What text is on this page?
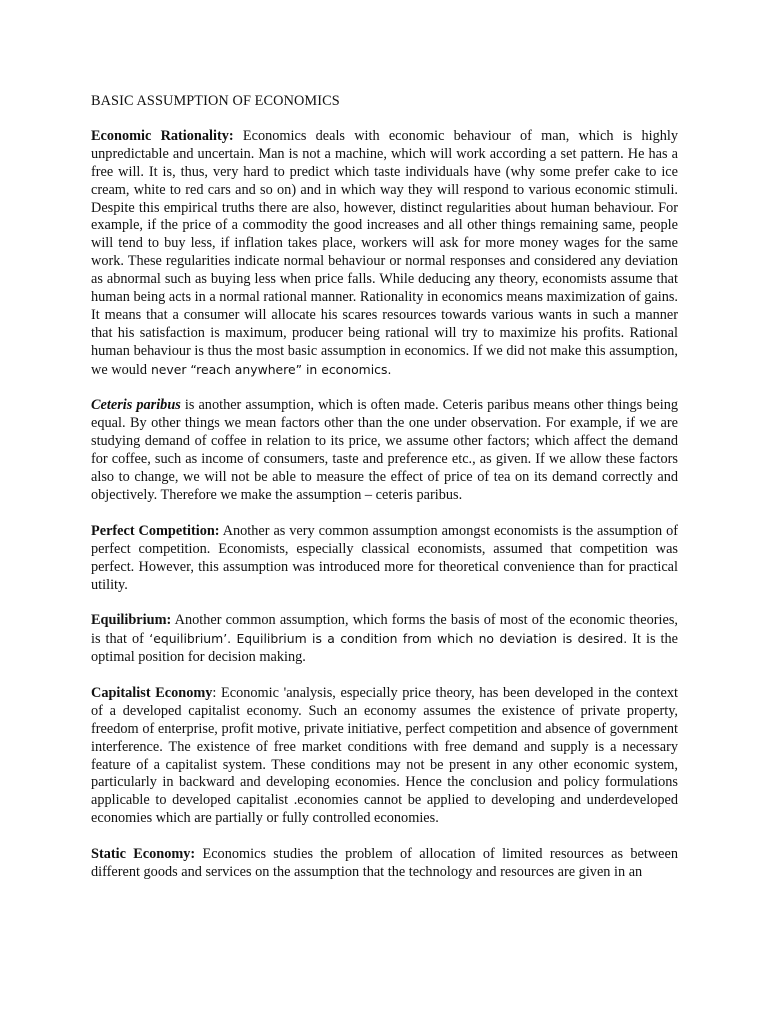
BASIC ASSUMPTION OF ECONOMICS

Economic Rationality: Economics deals with economic behaviour of man, which is highly unpredictable and uncertain. Man is not a machine, which will work according a set pattern. He has a free will. It is, thus, very hard to predict which taste individuals have (why some prefer cake to ice cream, white to red cars and so on) and in which way they will respond to various economic stimuli. Despite this empirical truths there are also, however, distinct regularities about human behaviour. For example, if the price of a commodity the good increases and all other things remaining same, people will tend to buy less, if inflation takes place, workers will ask for more money wages for the same work. These regularities indicate normal behaviour or normal responses and considered any deviation as abnormal such as buying less when price falls. While deducing any theory, economists assume that human being acts in a normal rational manner. Rationality in economics means maximization of gains. It means that a consumer will allocate his scares resources towards various wants in such a manner that his satisfaction is maximum, producer being rational will try to maximize his profits. Rational human behaviour is thus the most basic assumption in economics. If we did not make this assumption, we would never “reach anywhere” in economics.

Ceteris paribus is another assumption, which is often made. Ceteris paribus means other things being equal. By other things we mean factors other than the one under observation. For example, if we are studying demand of coffee in relation to its price, we assume other factors; which affect the demand for coffee, such as income of consumers, taste and preference etc., as given. If we allow these factors also to change, we will not be able to measure the effect of price of tea on its demand correctly and objectively. Therefore we make the assumption – ceteris paribus.

Perfect Competition: Another as very common assumption amongst economists is the assumption of perfect competition. Economists, especially classical economists, assumed that competition was perfect. However, this assumption was introduced more for theoretical convenience than for practical utility.

Equilibrium: Another common assumption, which forms the basis of most of the economic theories, is that of ‘equilibrium’. Equilibrium is a condition from which no deviation is desired. It is the optimal position for decision making.

Capitalist Economy: Economic 'analysis, especially price theory, has been developed in the context of a developed capitalist economy. Such an economy assumes the existence of private property, freedom of enterprise, profit motive, private initiative, perfect competition and absence of government interference. The existence of free market conditions with free demand and supply is a necessary feature of a capitalist system. These conditions may not be present in any other economic system, particularly in backward and developing economies. Hence the conclusion and policy formulations applicable to developed capitalist .economies cannot be applied to developing and underdeveloped economies which are partially or fully controlled economies.

Static Economy: Economics studies the problem of allocation of limited resources as between different goods and services on the assumption that the technology and resources are given in an
